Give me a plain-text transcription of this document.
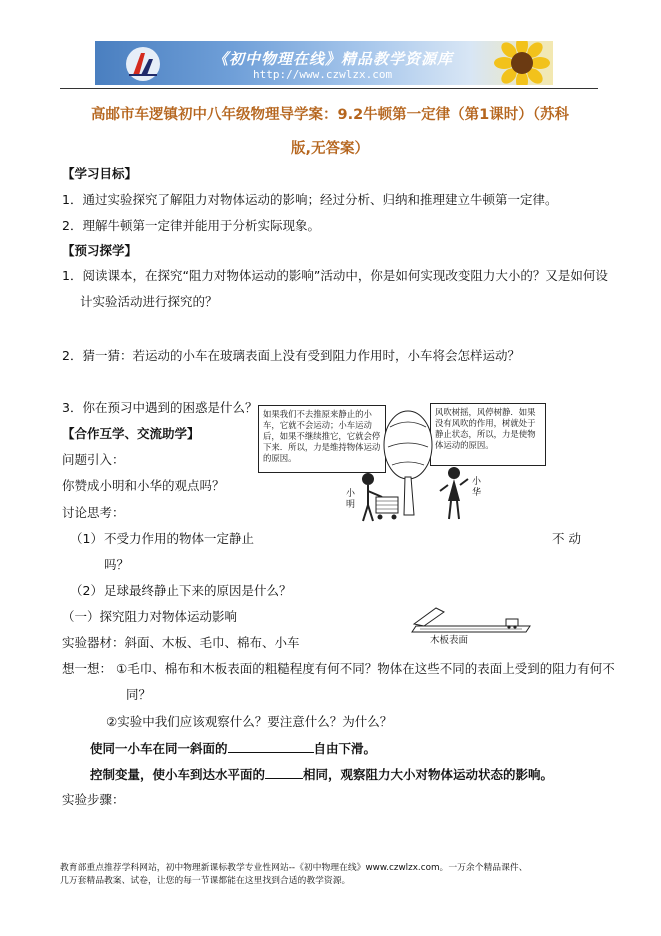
《初中物理在线》精品教学资源库
http://www.czwlzx.com
高邮市车逻镇初中八年级物理导学案：9.2牛顿第一定律（第1课时）（苏科
版,无答案）
【学习目标】
1．通过实验探究了解阻力对物体运动的影响；经过分析、归纳和推理建立牛顿第一定律。
2．理解牛顿第一定律并能用于分析实际现象。
【预习探学】
1．阅读课本，在探究“阻力对物体运动的影响”活动中，你是如何实现改变阻力大小的？又是如何设
计实验活动进行探究的？
2．猜一猜：若运动的小车在玻璃表面上没有受到阻力作用时，小车将会怎样运动？
3．你在预习中遇到的困惑是什么？
【合作互学、交流助学】
问题引入：
你赞成小明和小华的观点吗？
讨论思考：
（1） 不受力作用的物体一定静止	不 动
吗？
（2） 足球最终静止下来的原因是什么？
（一）探究阻力对物体运动影响
实验器材：斜面、木板、毛巾、棉布、小车
想一想： ①毛巾、棉布和木板表面的粗糙程度有何不同？物体在这些不同的表面上受到的阻力有何不
同？
②实验中我们应该观察什么？要注意什么？为什么？
使同一小车在同一斜面的	自由下滑。
控制变量，使小车到达水平面的	相同，观察阻力大小对物体运动状态的影响。
实验步骤：
如果我们不去推原来静止的小车，它就不会运动；小车运动后，如果不继续推它，它就会停下来．所以，力是维持物体运动的原因。
风吹树摇，风停树静．如果没有风吹的作用，树就处于静止状态，所以，力是使物体运动的原因。
小明
小华
木板表面
教育部重点推荐学科网站，初中物理新课标教学专业性网站--《初中物理在线》www.czwlzx.com。一万余个精品课件、
几万套精品教案、试卷，让您的每一节课都能在这里找到合适的教学资源。
